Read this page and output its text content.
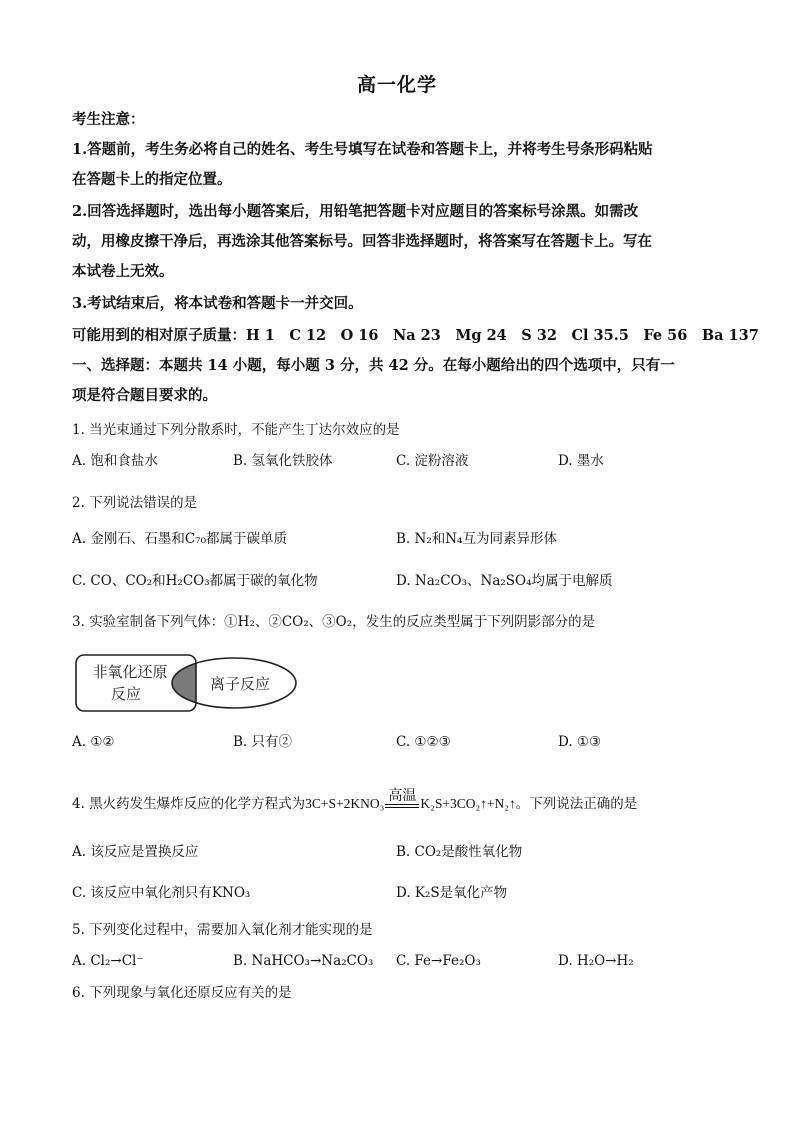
高一化学
考生注意：
1.答题前，考生务必将自己的姓名、考生号填写在试卷和答题卡上，并将考生号条形码粘贴
在答题卡上的指定位置。
2.回答选择题时，选出每小题答案后，用铅笔把答题卡对应题目的答案标号涂黑。如需改
动，用橡皮擦干净后，再选涂其他答案标号。回答非选择题时，将答案写在答题卡上。写在
本试卷上无效。
3.考试结束后，将本试卷和答题卡一并交回。
可能用到的相对原子质量：H 1　C 12　O 16　Na 23　Mg 24　S 32　Cl 35.5　Fe 56　Ba 137
一、选择题：本题共 14 小题，每小题 3 分，共 42 分。在每小题给出的四个选项中，只有一
项是符合题目要求的。
1. 当光束通过下列分散系时，不能产生丁达尔效应的是
A. 饱和食盐水	B. 氢氧化铁胶体	C. 淀粉溶液	D. 墨水
2. 下列说法错误的是
A. 金刚石、石墨和C₇₀都属于碳单质	B. N₂和N₄互为同素异形体
C. CO、CO₂和H₂CO₃都属于碳的氧化物	D. Na₂CO₃、Na₂SO₄均属于电解质
3. 实验室制备下列气体：①H₂、②CO₂、③O₂，发生的反应类型属于下列阴影部分的是
非氧化还原
反应
离子反应
A. ①②	B. 只有②	C. ①②③	D. ①③
4. 黑火药发生爆炸反应的化学方程式为 3C+S+2KNO₃ 高温 K₂S+3CO₂↑+N₂↑ 。下列说法正确的是
A. 该反应是置换反应	B. CO₂是酸性氧化物
C. 该反应中氧化剂只有KNO₃	D. K₂S是氧化产物
5. 下列变化过程中，需要加入氧化剂才能实现的是
A. Cl₂→Cl⁻	B. NaHCO₃→Na₂CO₃ C. Fe→Fe₂O₃	D. H₂O→H₂
6. 下列现象与氧化还原反应有关的是
